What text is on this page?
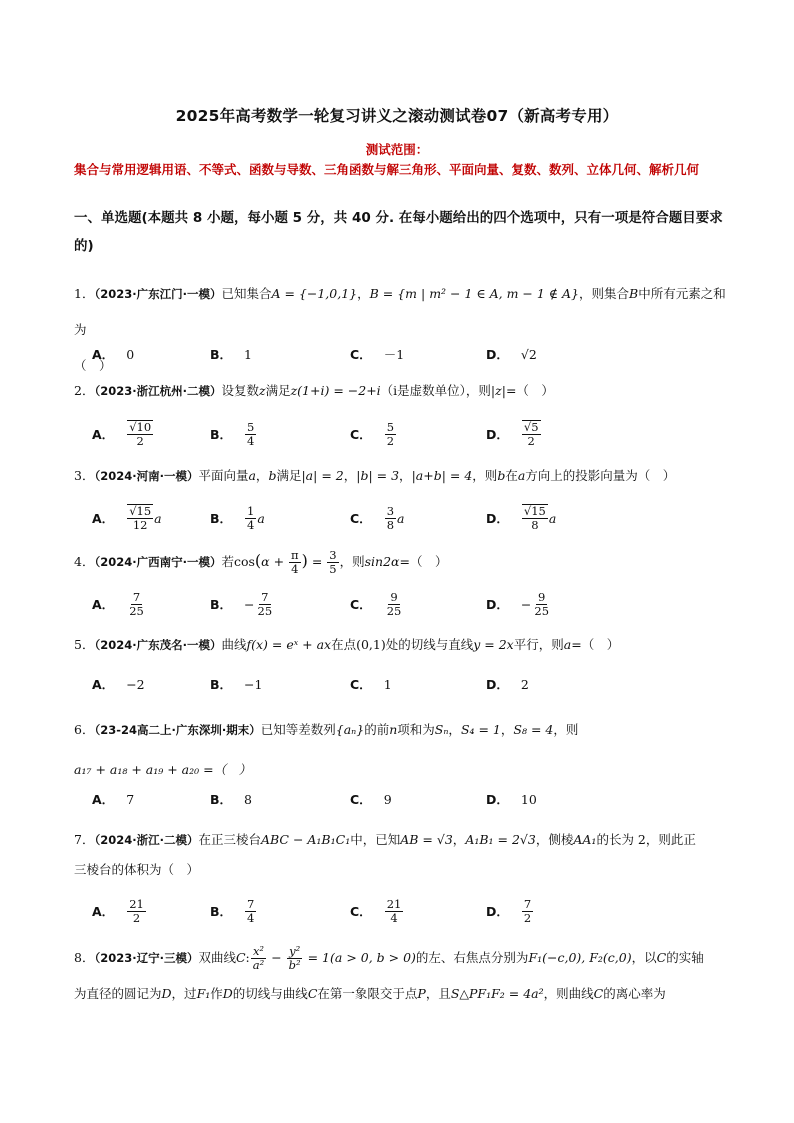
2025年高考数学一轮复习讲义之滚动测试卷07（新高考专用）
测试范围：
集合与常用逻辑用语、不等式、函数与导数、三角函数与解三角形、平面向量、复数、数列、立体几何、解析几何
一、单选题(本题共 8 小题，每小题 5 分，共 40 分. 在每小题给出的四个选项中，只有一项是符合题目要求的)
1．（2023·广东江门·一模）已知集合A = {−1,0,1}，B = {m | m² − 1 ∈ A, m − 1 ∉ A}，则集合B中所有元素之和为
（　）
A． 0	B． 1	C． －1	D． √2
2．（2023·浙江杭州·二模）设复数z满足z(1+i) = −2+i（i是虚数单位），则|z|=（　）
A． $\frac{√10}{2}$	B． $\frac{5}{4}$	C． $\frac{5}{2}$	D． $\frac{√5}{2}$
3．（2024·河南·一模）平面向量a，b满足|a| = 2，|b| = 3，|a+b| = 4，则b在a方向上的投影向量为（　）
A． $\frac{√15}{12}$ a	B． $\frac{1}{4}$ a	C． $\frac{3}{8}$ a	D． $\frac{√15}{8}$ a
4．（2024·广西南宁·一模）若$\cos(\alpha + \frac{\pi}{4}$ ) = $\frac{3}{5}$ ，则sin2α=（　）
A． $\frac{7}{25}$	B． − $\frac{7}{25}$	C． $\frac{9}{25}$	D． − $\frac{9}{25}$
5．（2024·广东茂名·一模）曲线f(x) = eˣ + ax在点(0,1)处的切线与直线y = 2x平行，则a=（　）
A． −2	B． −1	C． 1	D． 2
6．（23-24高二上·广东深圳·期末）已知等差数列{aₙ}的前n项和为Sₙ，S₄ = 1，S₈ = 4，则
a₁₇ + a₁₈ + a₁₉ + a₂₀ =（　）
A． 7	B． 8	C． 9	D． 10
7．（2024·浙江·二模）在正三棱台ABC − A₁B₁C₁中，已知AB = √3，A₁B₁ = 2√3，侧棱AA₁的长为 2，则此正
三棱台的体积为（　）
A． $\frac{21}{2}$	B． $\frac{7}{4}$	C． $\frac{21}{4}$	D． $\frac{7}{2}$
8．（2023·辽宁·三模）双曲线C: $\frac{\text{x²}}{\text{a²}} - \frac{\text{y²}}{\text{b²}} = 1(a > 0$, b > 0)的左、右焦点分别为F₁(−c,0), F₂(c,0)，以C的实轴
为直径的圆记为D，过F₁作D的切线与曲线C在第一象限交于点P，且S△PF₁F₂ = 4a²，则曲线C的离心率为
